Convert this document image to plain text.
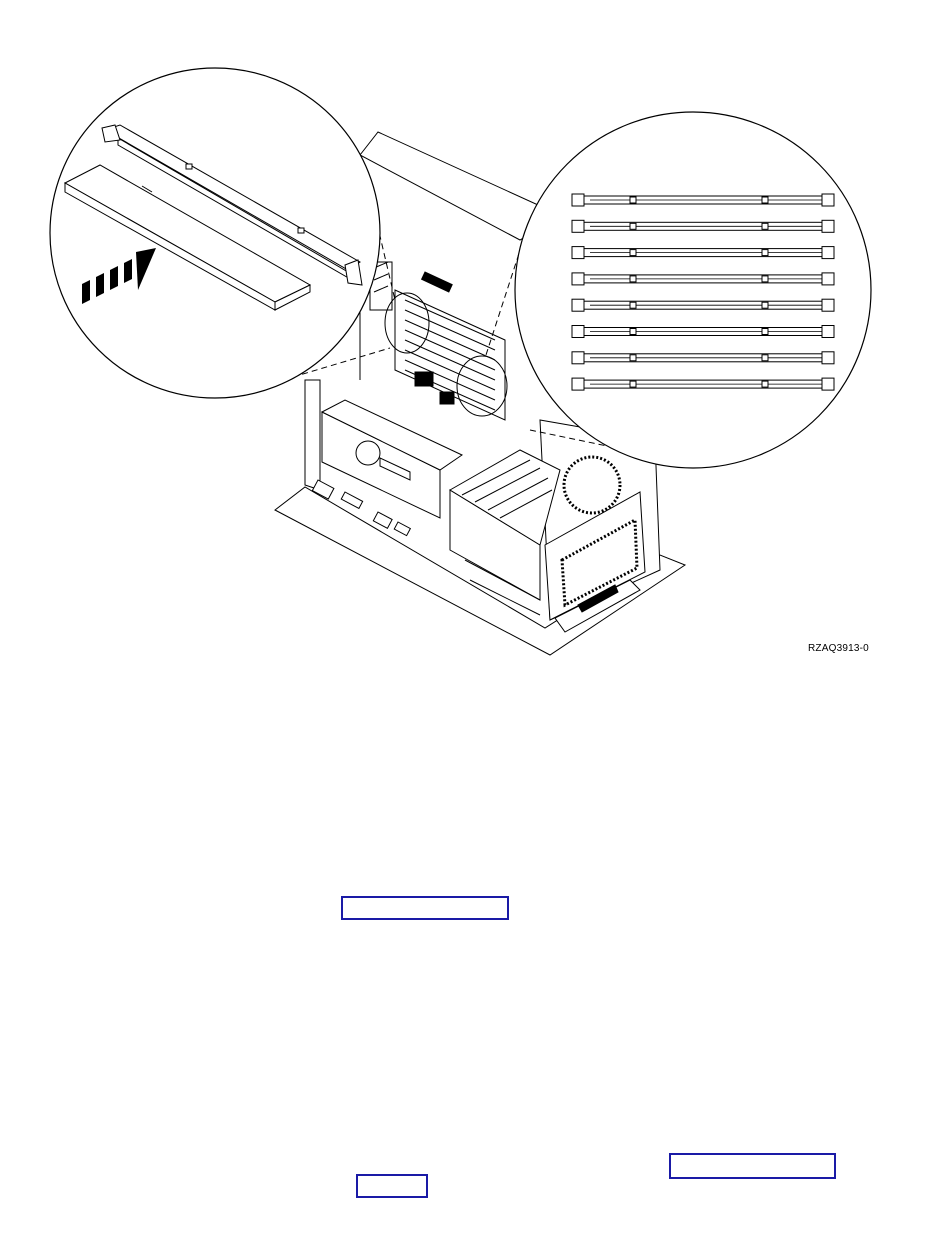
RZAQ3913-0
